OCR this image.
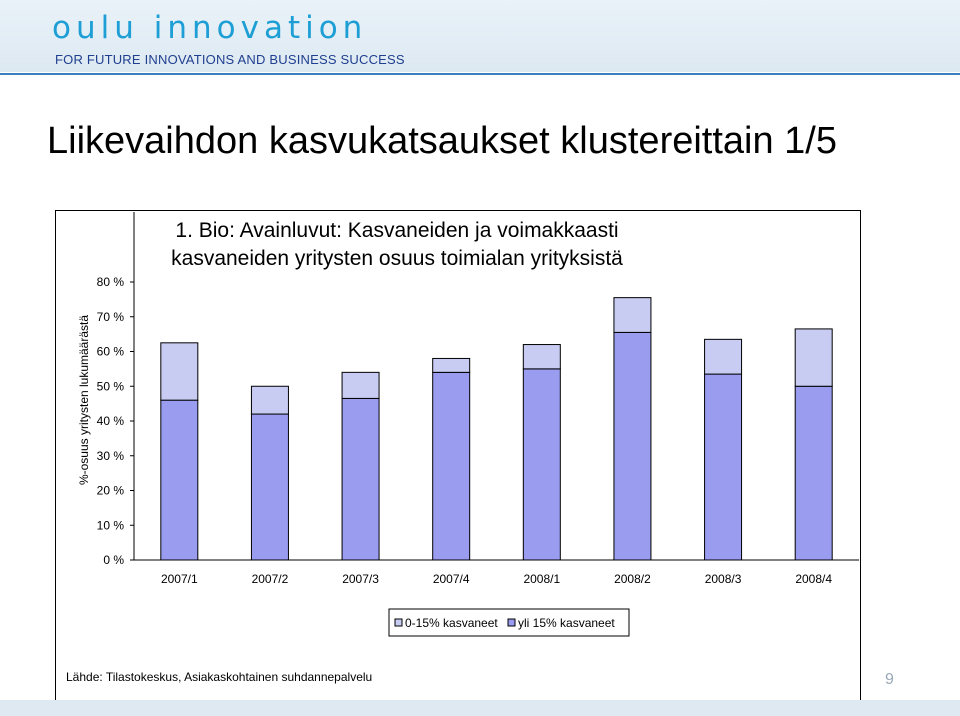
oulu innovation
FOR FUTURE INNOVATIONS AND BUSINESS SUCCESS
Liikevaihdon kasvukatsaukset klustereittain 1/5
1. Bio: Avainluvut: Kasvaneiden ja voimakkaasti
kasvaneiden yritysten osuus toimialan yrityksistä
0 %
10 %
20 %
30 %
40 %
50 %
60 %
70 %
80 %
%-osuus yritysten lukumäärästä
2007/1	2007/2	2007/3	2007/4	2008/1	2008/2	2008/3	2008/4
0-15% kasvaneet yli 15% kasvaneet
Lähde: Tilastokeskus, Asiakaskohtainen suhdannepalvelu	9
